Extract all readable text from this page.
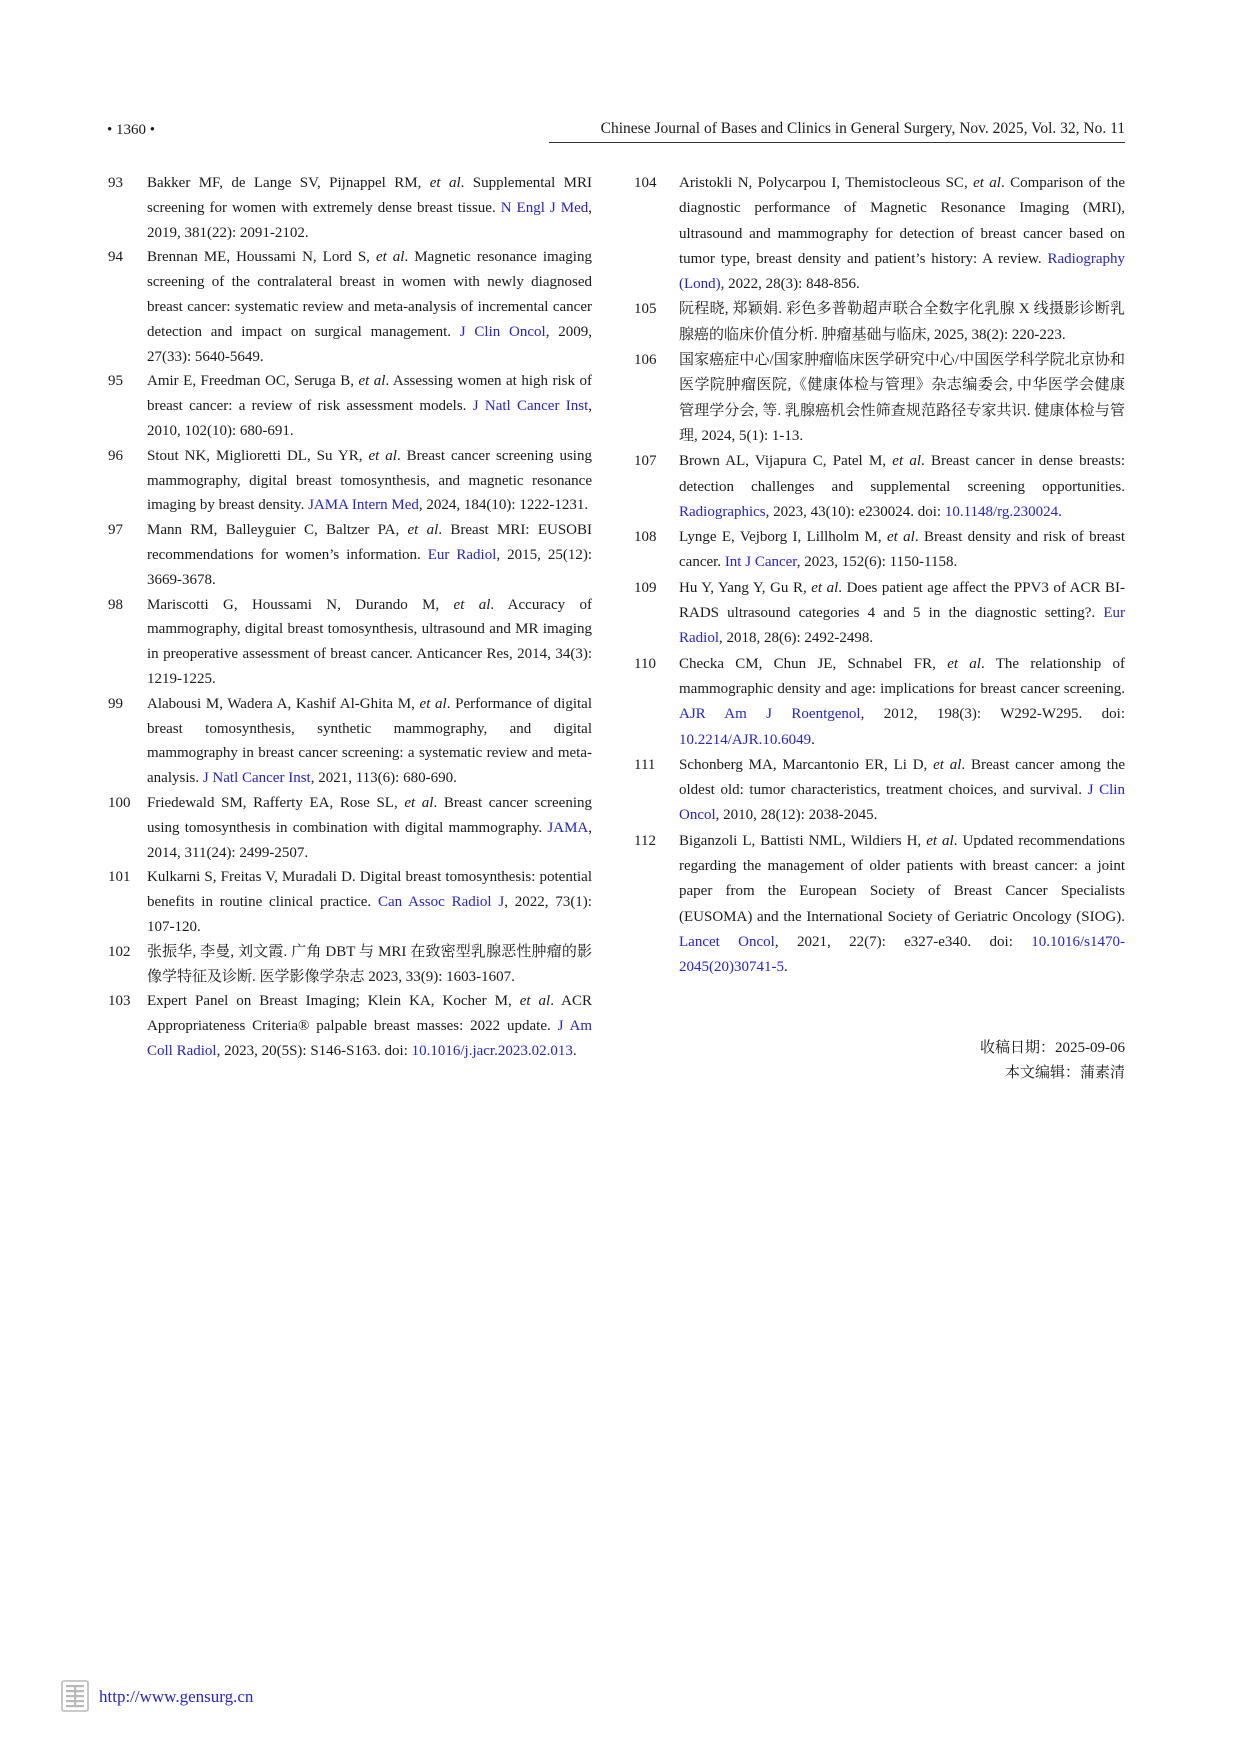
• 1360 •	Chinese Journal of Bases and Clinics in General Surgery, Nov. 2025, Vol. 32, No. 11
93	Bakker MF, de Lange SV, Pijnappel RM, et al. Supplemental MRI screening for women with extremely dense breast tissue. N Engl J Med, 2019, 381(22): 2091-2102.
94	Brennan ME, Houssami N, Lord S, et al. Magnetic resonance imaging screening of the contralateral breast in women with newly diagnosed breast cancer: systematic review and meta-analysis of incremental cancer detection and impact on surgical management. J Clin Oncol, 2009, 27(33): 5640-5649.
95	Amir E, Freedman OC, Seruga B, et al. Assessing women at high risk of breast cancer: a review of risk assessment models. J Natl Cancer Inst, 2010, 102(10): 680-691.
96	Stout NK, Miglioretti DL, Su YR, et al. Breast cancer screening using mammography, digital breast tomosynthesis, and magnetic resonance imaging by breast density. JAMA Intern Med, 2024, 184(10): 1222-1231.
97	Mann RM, Balleyguier C, Baltzer PA, et al. Breast MRI: EUSOBI recommendations for women’s information. Eur Radiol, 2015, 25(12): 3669-3678.
98	Mariscotti G, Houssami N, Durando M, et al. Accuracy of mammography, digital breast tomosynthesis, ultrasound and MR imaging in preoperative assessment of breast cancer. Anticancer Res, 2014, 34(3): 1219-1225.
99	Alabousi M, Wadera A, Kashif Al-Ghita M, et al. Performance of digital breast tomosynthesis, synthetic mammography, and digital mammography in breast cancer screening: a systematic review and meta-analysis. J Natl Cancer Inst, 2021, 113(6): 680-690.
100	Friedewald SM, Rafferty EA, Rose SL, et al. Breast cancer screening using tomosynthesis in combination with digital mammography. JAMA, 2014, 311(24): 2499-2507.
101	Kulkarni S, Freitas V, Muradali D. Digital breast tomosynthesis: potential benefits in routine clinical practice. Can Assoc Radiol J, 2022, 73(1): 107-120.
102	张振华, 李曼, 刘文霞. 广角 DBT 与 MRI 在致密型乳腺恶性肿瘤的影像学特征及诊断. 医学影像学杂志 2023, 33(9): 1603-1607.
103	Expert Panel on Breast Imaging; Klein KA, Kocher M, et al. ACR Appropriateness Criteria® palpable breast masses: 2022 update. J Am Coll Radiol, 2023, 20(5S): S146-S163. doi: 10.1016/j.jacr.2023.02.013.
104	Aristokli N, Polycarpou I, Themistocleous SC, et al. Comparison of the diagnostic performance of Magnetic Resonance Imaging (MRI), ultrasound and mammography for detection of breast cancer based on tumor type, breast density and patient’s history: A review. Radiography (Lond), 2022, 28(3): 848-856.
105	阮程晓, 郑颖娟. 彩色多普勒超声联合全数字化乳腺 X 线摄影诊断乳腺癌的临床价值分析. 肿瘤基础与临床, 2025, 38(2): 220-223.
106	国家癌症中心/国家肿瘤临床医学研究中心/中国医学科学院北京协和医学院肿瘤医院,《健康体检与管理》杂志编委会, 中华医学会健康管理学分会, 等. 乳腺癌机会性筛查规范路径专家共识. 健康体检与管理, 2024, 5(1): 1-13.
107	Brown AL, Vijapura C, Patel M, et al. Breast cancer in dense breasts: detection challenges and supplemental screening opportunities. Radiographics, 2023, 43(10): e230024. doi: 10.1148/rg.230024.
108	Lynge E, Vejborg I, Lillholm M, et al. Breast density and risk of breast cancer. Int J Cancer, 2023, 152(6): 1150-1158.
109	Hu Y, Yang Y, Gu R, et al. Does patient age affect the PPV3 of ACR BI-RADS ultrasound categories 4 and 5 in the diagnostic setting?. Eur Radiol, 2018, 28(6): 2492-2498.
110	Checka CM, Chun JE, Schnabel FR, et al. The relationship of mammographic density and age: implications for breast cancer screening. AJR Am J Roentgenol, 2012, 198(3): W292-W295. doi: 10.2214/AJR.10.6049.
111	Schonberg MA, Marcantonio ER, Li D, et al. Breast cancer among the oldest old: tumor characteristics, treatment choices, and survival. J Clin Oncol, 2010, 28(12): 2038-2045.
112	Biganzoli L, Battisti NML, Wildiers H, et al. Updated recommendations regarding the management of older patients with breast cancer: a joint paper from the European Society of Breast Cancer Specialists (EUSOMA) and the International Society of Geriatric Oncology (SIOG). Lancet Oncol, 2021, 22(7): e327-e340. doi: 10.1016/s1470-2045(20)30741-5.
收稿日期：2025-09-06
本文编辑：蒲素清
http://www.gensurg.cn
